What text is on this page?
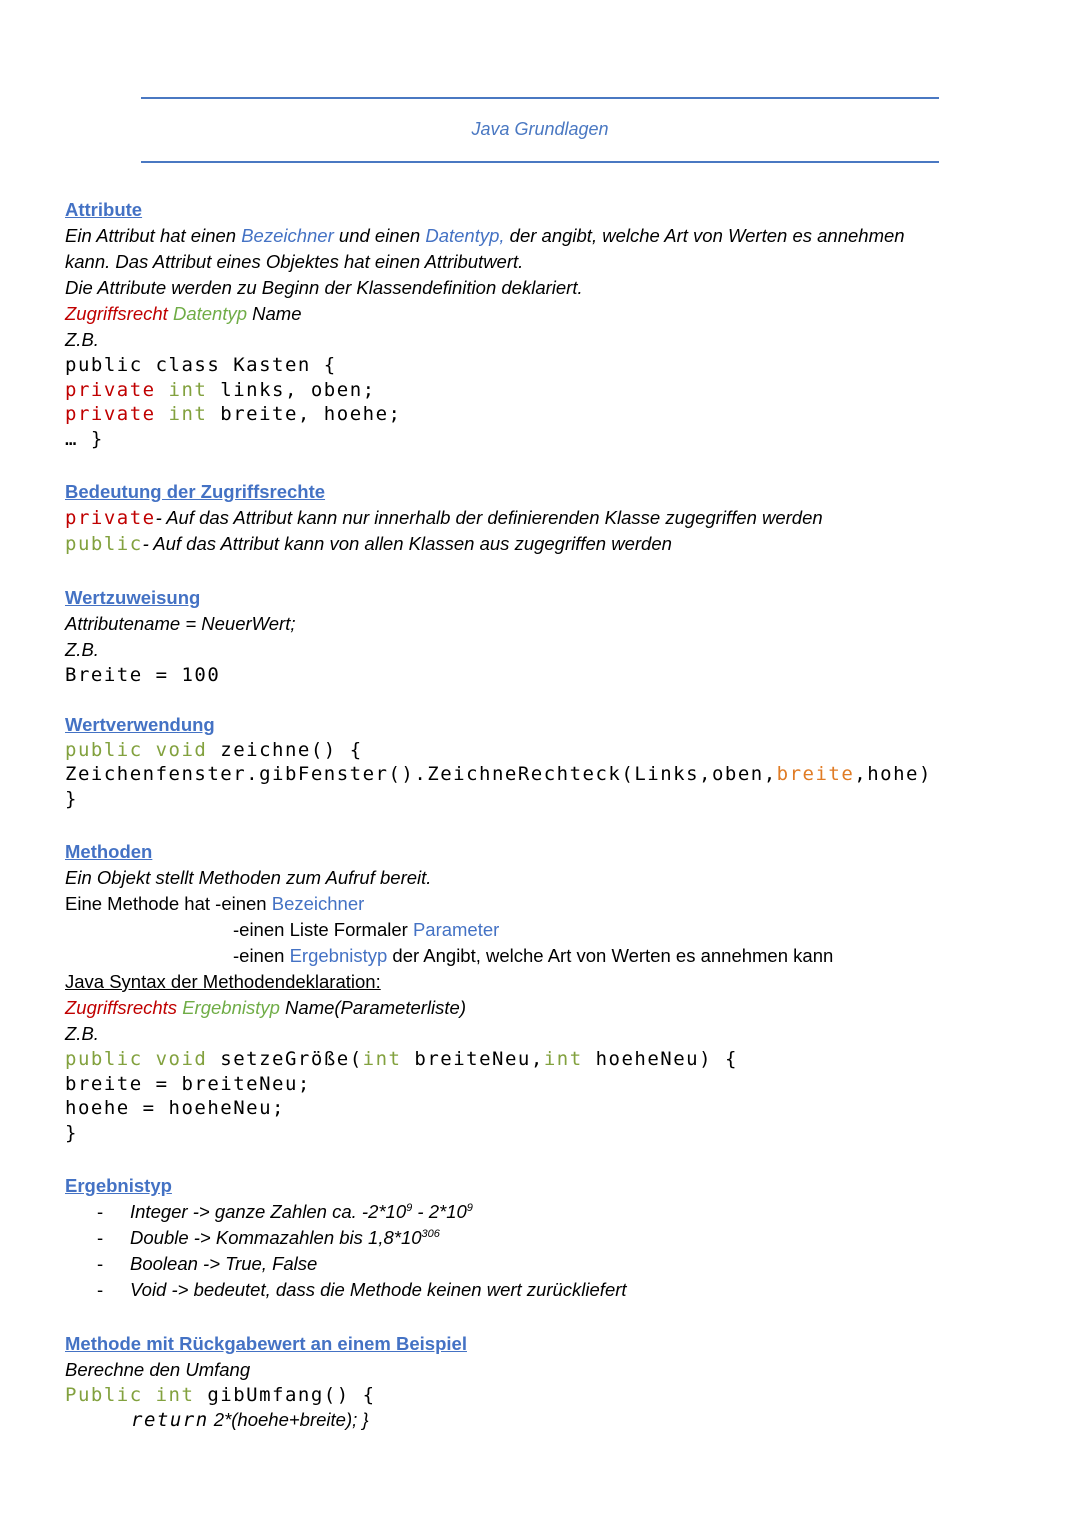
Java Grundlagen
Attribute
Ein Attribut hat einen Bezeichner und einen Datentyp, der angibt, welche Art von Werten es annehmen
kann. Das Attribut eines Objektes hat einen Attributwert.
Die Attribute werden zu Beginn der Klassendefinition deklariert.
Zugriffsrecht Datentyp Name
Z.B.
public class Kasten {
private int links, oben;
private int breite, hoehe;
… }
Bedeutung der Zugriffsrechte
private- Auf das Attribut kann nur innerhalb der definierenden Klasse zugegriffen werden
public- Auf das Attribut kann von allen Klassen aus zugegriffen werden
Wertzuweisung
Attributename = NeuerWert;
Z.B.
Breite = 100
Wertverwendung
public void zeichne() {
Zeichenfenster.gibFenster().ZeichneRechteck(Links,oben,breite,hohe)
}
Methoden
Ein Objekt stellt Methoden zum Aufruf bereit.
Eine Methode hat -einen Bezeichner
-einen Liste Formaler Parameter
-einen Ergebnistyp der Angibt, welche Art von Werten es annehmen kann
Java Syntax der Methodendeklaration:
Zugriffsrechts Ergebnistyp Name(Parameterliste)
Z.B.
public void setzeGröße(int breiteNeu,int hoeheNeu) {
breite = breiteNeu;
hoehe = hoeheNeu;
}
Ergebnistyp
- Integer -> ganze Zahlen ca. $-2*10^9 - 2*10^9$
- Double -> Kommazahlen bis $1,8*10^{306}$
- Boolean -> True, False
- Void -> bedeutet, dass die Methode keinen wert zurückliefert
Methode mit Rückgabewert an einem Beispiel
Berechne den Umfang
Public int gibUmfang() {
return 2*(hoehe+breite); }
